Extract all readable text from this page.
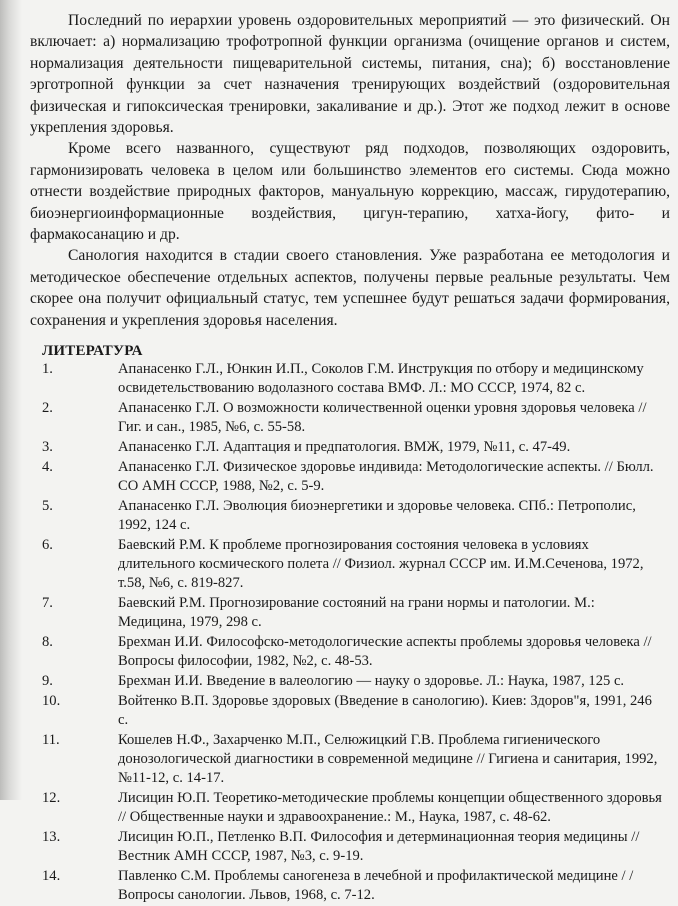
Последний по иерархии уровень оздоровительных мероприятий — это физический. Он включает: а) нормализацию трофотропной функции организма (очищение органов и систем, нормализация деятельности пищеварительной системы, питания, сна); б) восстановление эрготропной функции за счет назначения тренирующих воздействий (оздоровительная физическая и гипоксическая тренировки, закаливание и др.). Этот же подход лежит в основе укрепления здоровья.

Кроме всего названного, существуют ряд подходов, позволяющих оздоровить, гармонизировать человека в целом или большинство элементов его системы. Сюда можно отнести воздействие природных факторов, мануальную коррекцию, массаж, гирудотерапию, биоэнергиоинформационные воздействия, цигун-терапию, хатха-йогу, фито- и фармакосанацию и др.

Санология находится в стадии своего становления. Уже разработана ее методология и методическое обеспечение отдельных аспектов, получены первые реальные результаты. Чем скорее она получит официальный статус, тем успешнее будут решаться задачи формирования, сохранения и укрепления здоровья населения.

ЛИТЕРАТУРА
1.	Апанасенко Г.Л., Юнкин И.П., Соколов Г.М. Инструкция по отбору и медицинскому освидетельствованию водолазного состава ВМФ. Л.: МО СССР, 1974, 82 с.
2.	Апанасенко Г.Л. О возможности количественной оценки уровня здоровья человека // Гиг. и сан., 1985, №6, с. 55-58.
3.	Апанасенко Г.Л. Адаптация и предпатология. ВМЖ, 1979, №11, с. 47-49.
4.	Апанасенко Г.Л. Физическое здоровье индивида: Методологические аспекты. // Бюлл. СО АМН СССР, 1988, №2, с. 5-9.
5.	Апанасенко Г.Л. Эволюция биоэнергетики и здоровье человека. СПб.: Петрополис, 1992, 124 с.
6.	Баевский Р.М. К проблеме прогнозирования состояния человека в условиях длительного космического полета // Физиол. журнал СССР им. И.М.Сеченова, 1972, т.58, №6, с. 819-827.
7.	Баевский Р.М. Прогнозирование состояний на грани нормы и патологии. М.: Медицина, 1979, 298 с.
8.	Брехман И.И. Философско-методологические аспекты проблемы здоровья человека // Вопросы философии, 1982, №2, с. 48-53.
9.	Брехман И.И. Введение в валеологию — науку о здоровье. Л.: Наука, 1987, 125 с.
10.	Войтенко В.П. Здоровье здоровых (Введение в санологию). Киев: Здоров"я, 1991, 246 с.
11.	Кошелев Н.Ф., Захарченко М.П., Селюжицкий Г.В. Проблема гигиенического донозологической диагностики в современной медицине // Гигиена и санитария, 1992, №11-12, с. 14-17.
12.	Лисицин Ю.П. Теоретико-методические проблемы концепции общественного здоровья // Общественные науки и здравоохранение.: М., Наука, 1987, с. 48-62.
13.	Лисицин Ю.П., Петленко В.П. Философия и детерминационная теория медицины // Вестник АМН СССР, 1987, №3, с. 9-19.
14.	Павленко С.М. Проблемы саногенеза в лечебной и профилактической медицине / / Вопросы санологии. Львов, 1968, с. 7-12.
